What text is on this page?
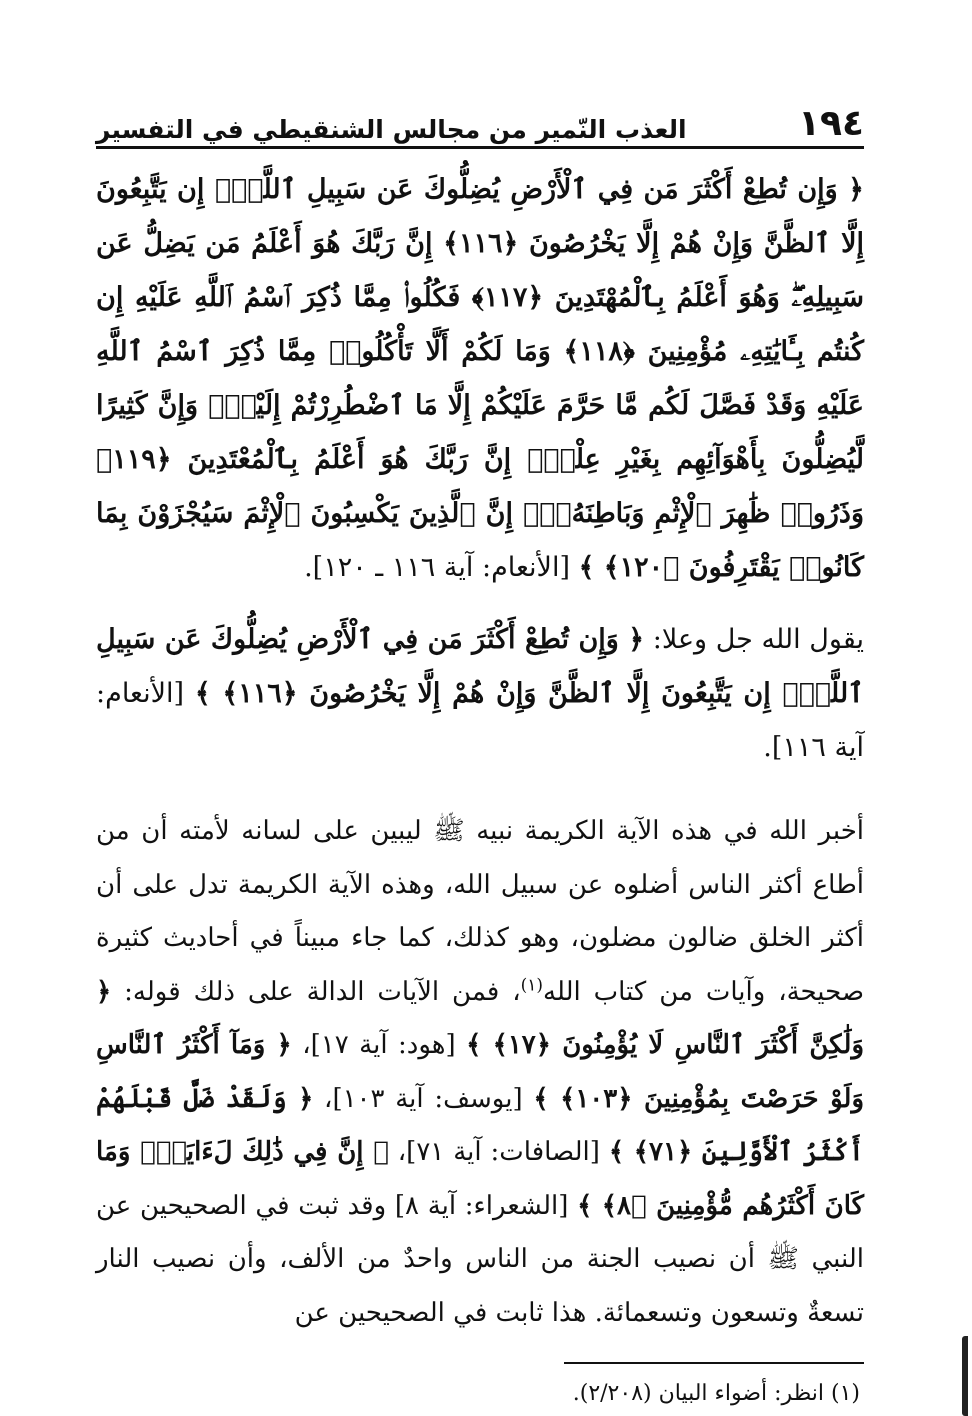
١٩٤
العذب النّمير من مجالس الشنقيطي في التفسير
﴿ وَإِن تُطِعْ أَكْثَرَ مَن فِي ٱلْأَرْضِ يُضِلُّوكَ عَن سَبِيلِ ٱللَّهِۚ إِن يَتَّبِعُونَ إِلَّا ٱلظَّنَّ وَإِنْ هُمْ إِلَّا يَخْرُصُونَ ﴿١١٦﴾ إِنَّ رَبَّكَ هُوَ أَعْلَمُ مَن يَضِلُّ عَن سَبِيلِهِۦۖ وَهُوَ أَعْلَمُ بِٱلْمُهْتَدِينَ ﴿١١٧﴾ فَكُلُوا۟ مِمَّا ذُكِرَ ٱسْمُ ٱللَّهِ عَلَيْهِ إِن كُنتُم بِـَٔايَٰتِهِۦ مُؤْمِنِينَ ﴿١١٨﴾ وَمَا لَكُمْ أَلَّا تَأْكُلُوا۟ مِمَّا ذُكِرَ ٱسْمُ ٱللَّهِ عَلَيْهِ وَقَدْ فَصَّلَ لَكُم مَّا حَرَّمَ عَلَيْكُمْ إِلَّا مَا ٱضْطُرِرْتُمْ إِلَيْهِۗ وَإِنَّ كَثِيرًا لَّيُضِلُّونَ بِأَهْوَآئِهِم بِغَيْرِ عِلْمٍۗ إِنَّ رَبَّكَ هُوَ أَعْلَمُ بِٱلْمُعْتَدِينَ ﴿١١٩﴾ وَذَرُوا۟ ظَٰهِرَ ٱلْإِثْمِ وَبَاطِنَهُۥٓۚ إِنَّ ٱلَّذِينَ يَكْسِبُونَ ٱلْإِثْمَ سَيُجْزَوْنَ بِمَا كَانُوا۟ يَقْتَرِفُونَ ﴿١٢٠﴾ ﴾ [الأنعام: آية ١١٦ ـ ١٢٠].
يقول الله جل وعلا: ﴿ وَإِن تُطِعْ أَكْثَرَ مَن فِي ٱلْأَرْضِ يُضِلُّوكَ عَن سَبِيلِ ٱللَّهِۚ إِن يَتَّبِعُونَ إِلَّا ٱلظَّنَّ وَإِنْ هُمْ إِلَّا يَخْرُصُونَ ﴿١١٦﴾ ﴾ [الأنعام: آية ١١٦].
أخبر الله في هذه الآية الكريمة نبيه ﷺ ليبين على لسانه لأمته أن من أطاع أكثر الناس أضلوه عن سبيل الله، وهذه الآية الكريمة تدل على أن أكثر الخلق ضالون مضلون، وهو كذلك، كما جاء مبيناً في أحاديث كثيرة صحيحة، وآيات من كتاب الله$^{(١)}$، فمن الآيات الدالة على ذلك قوله: ﴿ وَلَٰكِنَّ أَكْثَرَ ٱلنَّاسِ لَا يُؤْمِنُونَ ﴿١٧﴾ ﴾ [هود: آية ١٧]، ﴿ وَمَآ أَكْثَرُ ٱلنَّاسِ وَلَوْ حَرَصْتَ بِمُؤْمِنِينَ ﴿١٠٣﴾ ﴾ [يوسف: آية ١٠٣]، ﴿ وَلَقَدْ ضَلَّ قَبْلَهُمْ أَكْثَرُ ٱلْأَوَّلِينَ ﴿٧١﴾ ﴾ [الصافات: آية ٧١]، ﴿ إِنَّ فِي ذَٰلِكَ لَءَايَةًۖ وَمَا كَانَ أَكْثَرُهُم مُّؤْمِنِينَ ﴿٨﴾ ﴾ [الشعراء: آية ٨] وقد ثبت في الصحيحين عن النبي ﷺ أن نصيب الجنة من الناس واحدٌ من الألف، وأن نصيب النار تسعةٌ وتسعون وتسعمائة. هذا ثابت في الصحيحين عن
(١) انظر: أضواء البيان (٢/٢٠٨).
